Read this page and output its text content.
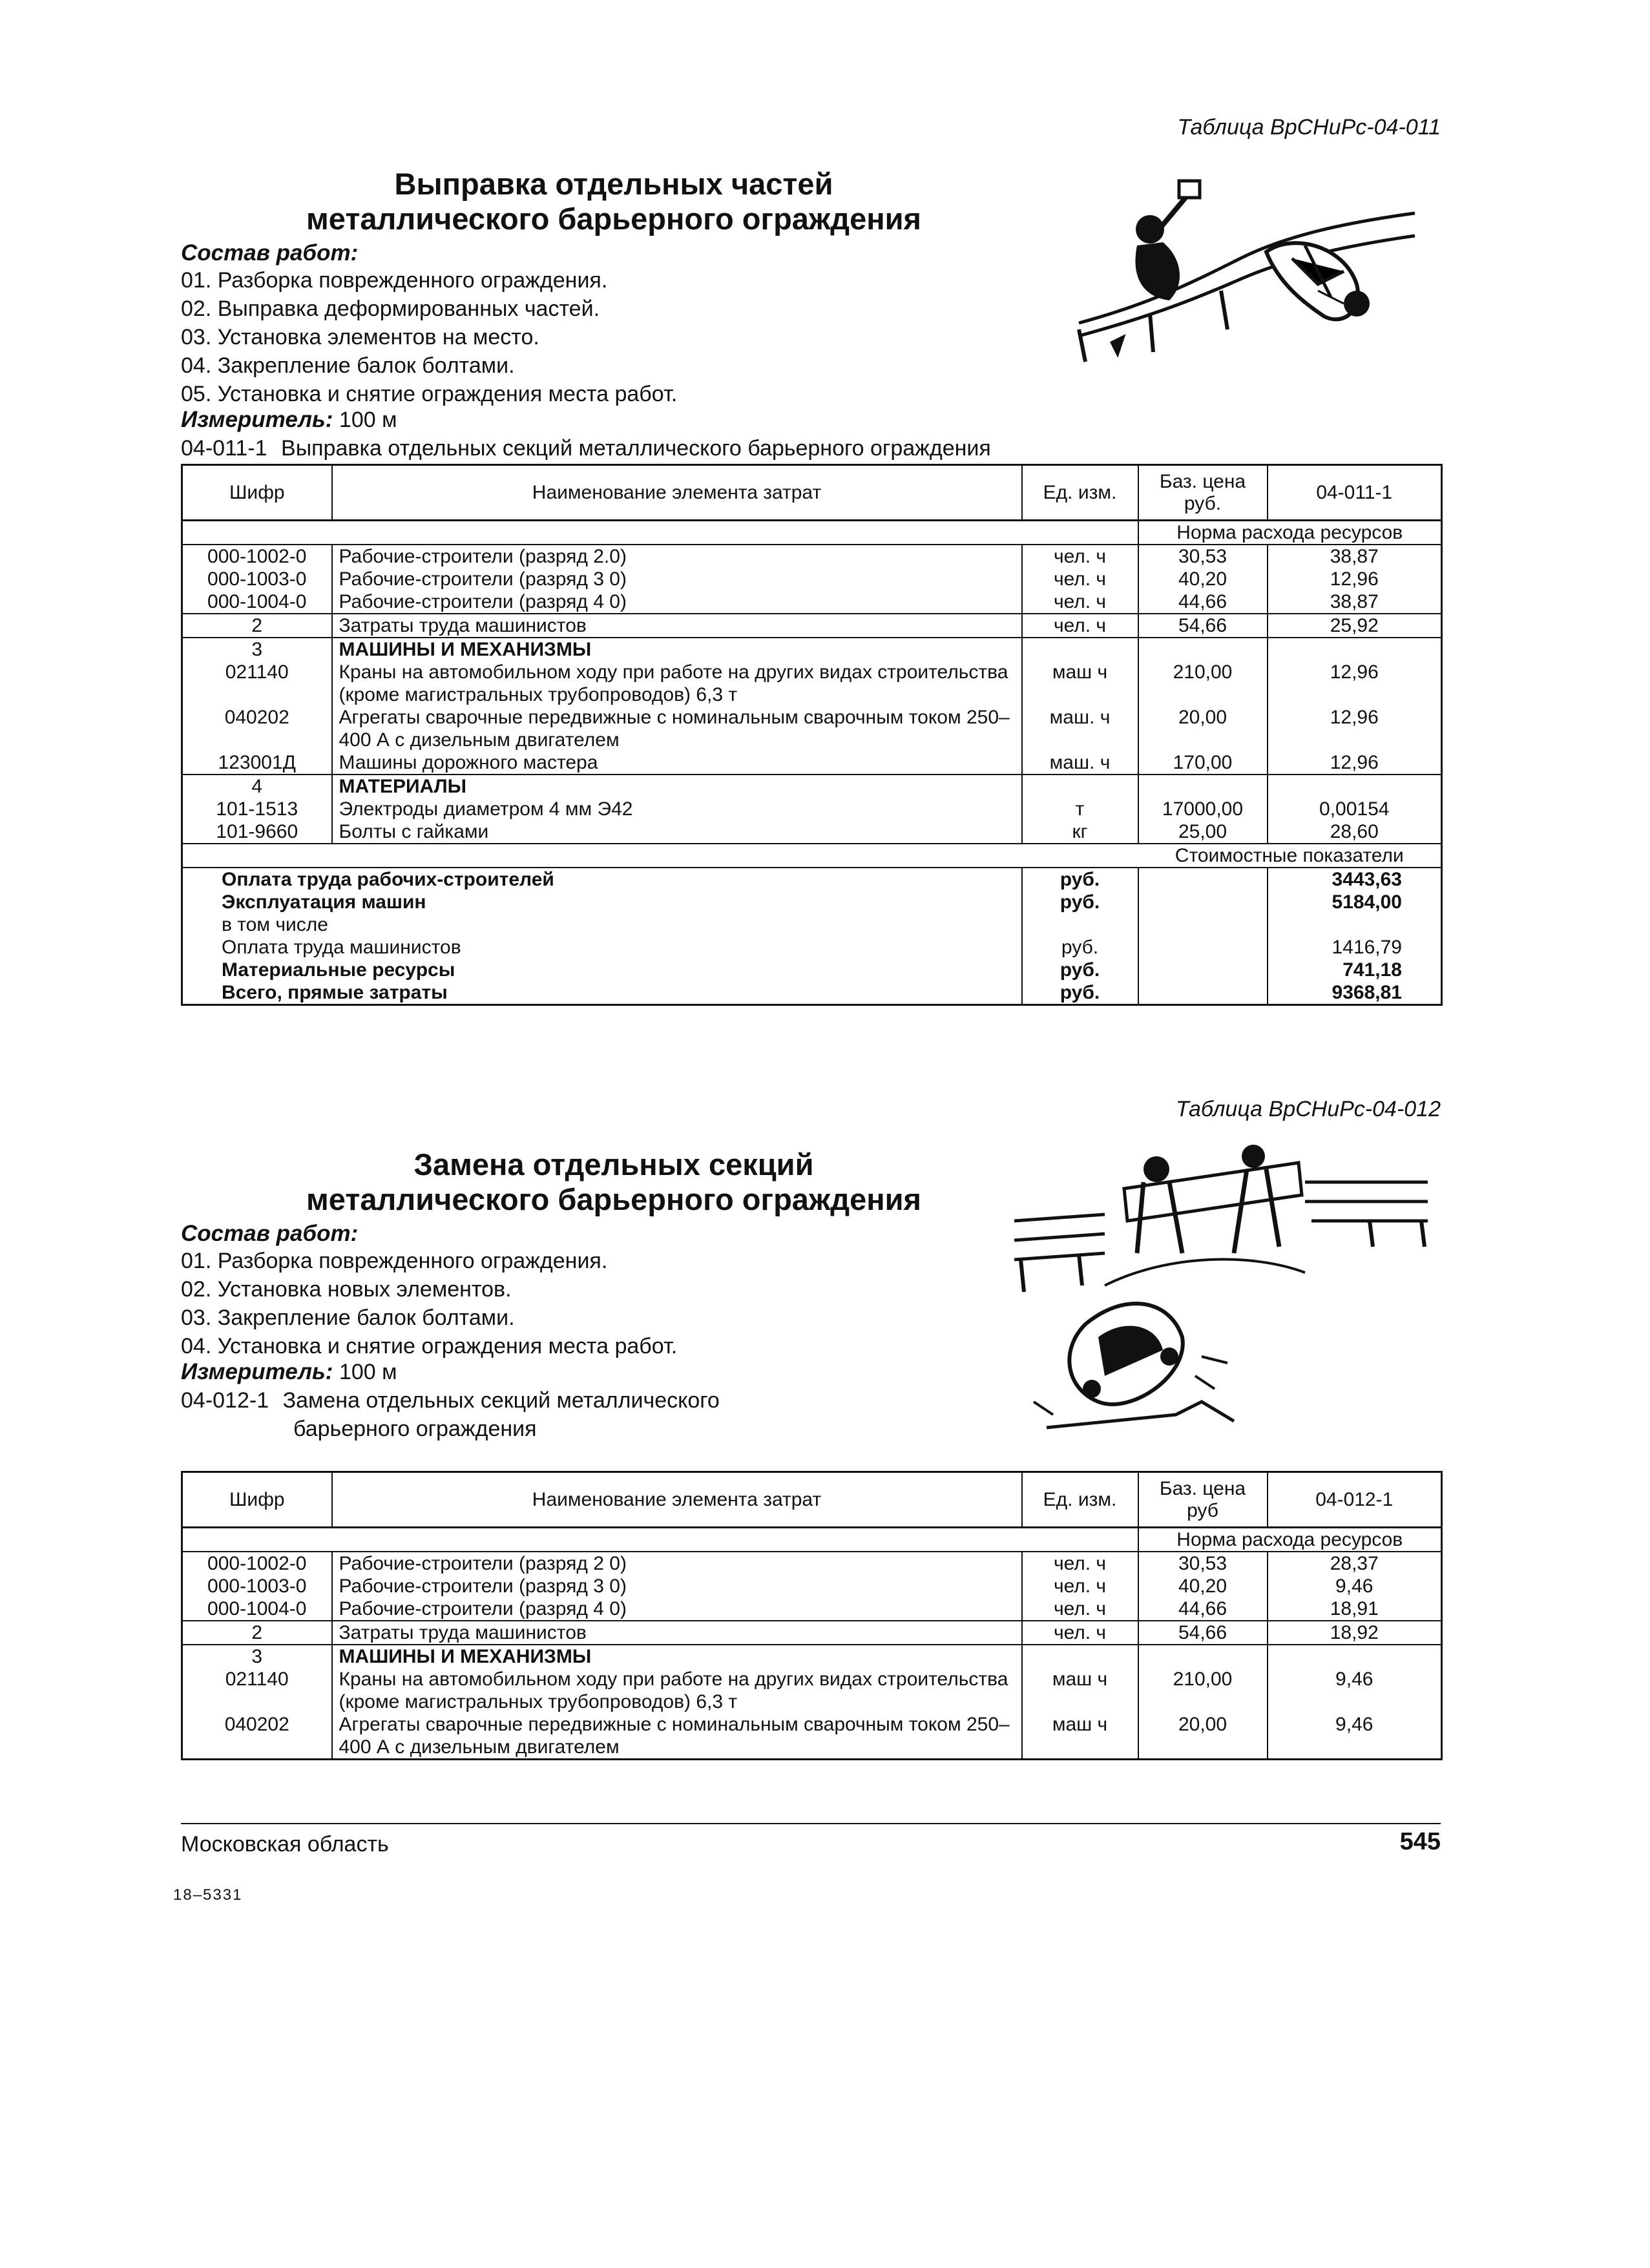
Таблица ВрСНиРс-04-011
Выправка отдельных частей
металлического барьерного ограждения
Состав работ:
01. Разборка поврежденного ограждения.
02. Выправка деформированных частей.
03. Установка элементов на место.
04. Закрепление балок болтами.
05. Установка и снятие ограждения места работ.
Измеритель: 100 м
04-011-1 Выправка отдельных секций металлического барьерного ограждения
Шифр	Наименование элемента затрат	Ед. изм.	Баз. цена руб.	04-011-1
			Норма расхода ресурсов	
000-1002-0	Рабочие-строители (разряд 2.0)	чел. ч	30,53	38,87
000-1003-0	Рабочие-строители (разряд 3 0)	чел. ч	40,20	12,96
000-1004-0	Рабочие-строители (разряд 4 0)	чел. ч	44,66	38,87
2	Затраты труда машинистов	чел. ч	54,66	25,92
3	МАШИНЫ И МЕХАНИЗМЫ			
021140	Краны на автомобильном ходу при работе на других видах строительства (кроме магистральных трубопроводов) 6,3 т	маш ч	210,00	12,96
040202	Агрегаты сварочные передвижные с номинальным сварочным током 250–400 А с дизельным двигателем	маш. ч	20,00	12,96
123001Д	Машины дорожного мастера	маш. ч	170,00	12,96
4	МАТЕРИАЛЫ			
101-1513	Электроды диаметром 4 мм Э42	т	17000,00	0,00154
101-9660	Болты с гайками	кг	25,00	28,60
			Стоимостные показатели	
Оплата труда рабочих-строителей		руб.		3443,63
Эксплуатация машин		руб.		5184,00
в том числе				
Оплата труда машинистов		руб.		1416,79
Материальные ресурсы		руб.		741,18
Всего, прямые затраты		руб.		9368,81
Таблица ВрСНиРс-04-012
Замена отдельных секций
металлического барьерного ограждения
Состав работ:
01. Разборка поврежденного ограждения.
02. Установка новых элементов.
03. Закрепление балок болтами.
04. Установка и снятие ограждения места работ.
Измеритель: 100 м
04-012-1 Замена отдельных секций металлического
барьерного ограждения
Шифр	Наименование элемента затрат	Ед. изм.	Баз. цена руб	04-012-1
			Норма расхода ресурсов	
000-1002-0	Рабочие-строители (разряд 2 0)	чел. ч	30,53	28,37
000-1003-0	Рабочие-строители (разряд 3 0)	чел. ч	40,20	9,46
000-1004-0	Рабочие-строители (разряд 4 0)	чел. ч	44,66	18,91
2	Затраты труда машинистов	чел. ч	54,66	18,92
3	МАШИНЫ И МЕХАНИЗМЫ			
021140	Краны на автомобильном ходу при работе на других видах строительства (кроме магистральных трубопроводов) 6,3 т	маш ч	210,00	9,46
040202	Агрегаты сварочные передвижные с номинальным сварочным током 250–400 А с дизельным двигателем	маш ч	20,00	9,46
Московская область	545
18–5331
